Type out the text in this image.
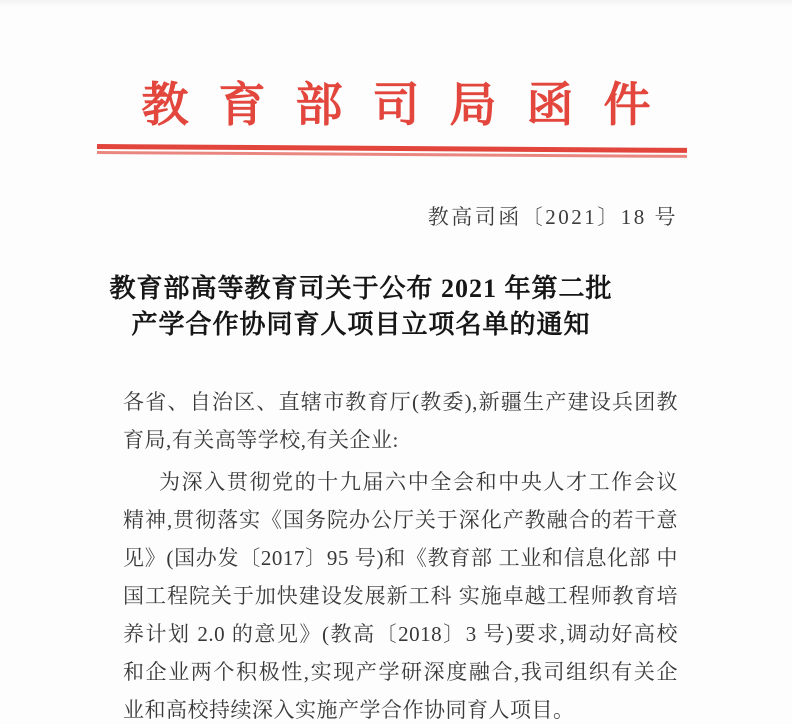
教育部司局函件
教高司函〔2021〕18 号
教育部高等教育司关于公布 2021 年第二批
产学合作协同育人项目立项名单的通知
各省、自治区、直辖市教育厅(教委),新疆生产建设兵团教
育局,有关高等学校,有关企业:
为深入贯彻党的十九届六中全会和中央人才工作会议
精神,贯彻落实《国务院办公厅关于深化产教融合的若干意
见》(国办发〔2017〕95 号)和《教育部 工业和信息化部 中
国工程院关于加快建设发展新工科 实施卓越工程师教育培
养计划 2.0 的意见》(教高〔2018〕3 号)要求,调动好高校
和企业两个积极性,实现产学研深度融合,我司组织有关企
业和高校持续深入实施产学合作协同育人项目。
